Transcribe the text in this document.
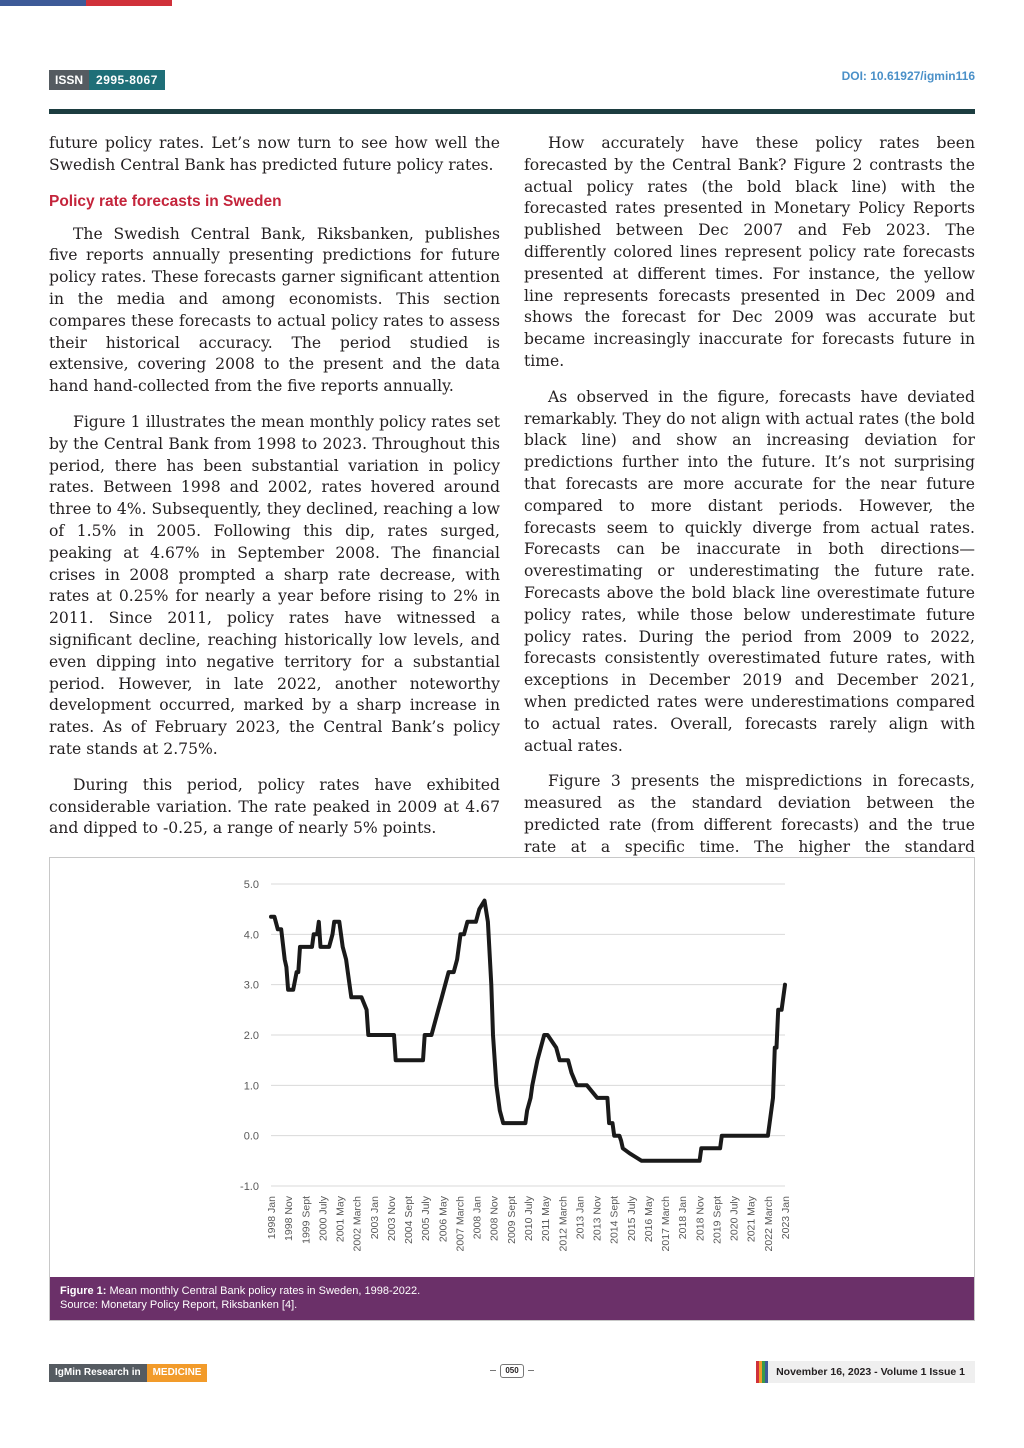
ISSN	2995-8067	DOI: 10.61927/igmin116

future policy rates. Let’s now turn to see how well the Swedish Central Bank has predicted future policy rates.

Policy rate forecasts in Sweden

The Swedish Central Bank, Riksbanken, publishes five reports annually presenting predictions for future policy rates. These forecasts garner significant attention in the media and among economists. This section compares these forecasts to actual policy rates to assess their historical accuracy. The period studied is extensive, covering 2008 to the present and the data hand hand-collected from the five reports annually.

Figure 1 illustrates the mean monthly policy rates set by the Central Bank from 1998 to 2023. Throughout this period, there has been substantial variation in policy rates. Between 1998 and 2002, rates hovered around three to 4%. Subsequently, they declined, reaching a low of 1.5% in 2005. Following this dip, rates surged, peaking at 4.67% in September 2008. The financial crises in 2008 prompted a sharp rate decrease, with rates at 0.25% for nearly a year before rising to 2% in 2011. Since 2011, policy rates have witnessed a significant decline, reaching historically low levels, and even dipping into negative territory for a substantial period. However, in late 2022, another noteworthy development occurred, marked by a sharp increase in rates. As of February 2023, the Central Bank’s policy rate stands at 2.75%.

During this period, policy rates have exhibited considerable variation. The rate peaked in 2009 at 4.67 and dipped to -0.25, a range of nearly 5% points.

How accurately have these policy rates been forecasted by the Central Bank? Figure 2 contrasts the actual policy rates (the bold black line) with the forecasted rates presented in Monetary Policy Reports published between Dec 2007 and Feb 2023. The differently colored lines represent policy rate forecasts presented at different times. For instance, the yellow line represents forecasts presented in Dec 2009 and shows the forecast for Dec 2009 was accurate but became increasingly inaccurate for forecasts future in time.

As observed in the figure, forecasts have deviated remarkably. They do not align with actual rates (the bold black line) and show an increasing deviation for predictions further into the future. It’s not surprising that forecasts are more accurate for the near future compared to more distant periods. However, the forecasts seem to quickly diverge from actual rates. Forecasts can be inaccurate in both directions—overestimating or underestimating the future rate. Forecasts above the bold black line overestimate future policy rates, while those below underestimate future policy rates. During the period from 2009 to 2022, forecasts consistently overestimated future rates, with exceptions in December 2019 and December 2021, when predicted rates were underestimations compared to actual rates. Overall, forecasts rarely align with actual rates.

Figure 3 presents the mispredictions in forecasts, measured as the standard deviation between the predicted rate (from different forecasts) and the true rate at a specific time. The higher the standard

5.0
4.0
3.0
2.0
1.0
0.0
-1.0
1998 Jan 1998 Nov 1999 Sept 2000 July 2001 May 2002 March 2003 Jan 2003 Nov 2004 Sept 2005 July 2006 May 2007 March 2008 Jan 2008 Nov 2009 Sept 2010 July 2011 May 2012 March 2013 Jan 2013 Nov 2014 Sept 2015 July 2016 May 2017 March 2018 Jan 2018 Nov 2019 Sept 2020 July 2021 May 2022 March 2023 Jan
Figure 1: Mean monthly Central Bank policy rates in Sweden, 1998-2022.
Source: Monetary Policy Report, Riksbanken [4].
IgMin Research in	MEDICINE	050	November 16, 2023 - Volume 1 Issue 1
